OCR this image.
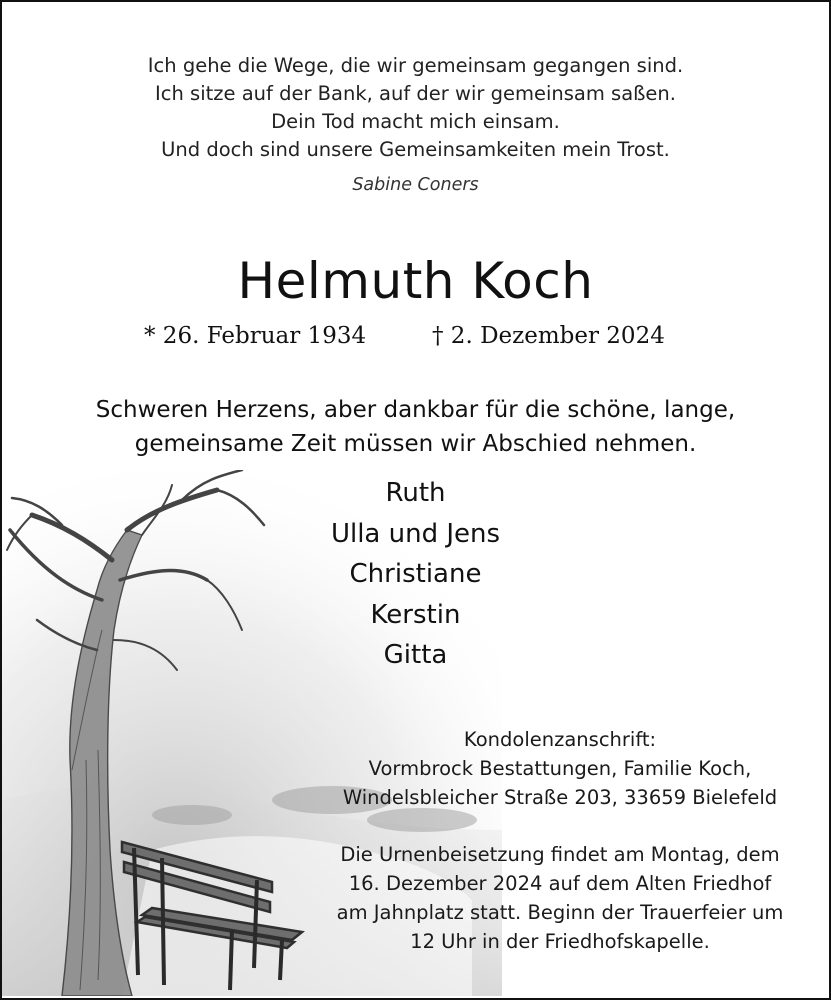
Ich gehe die Wege, die wir gemeinsam gegangen sind.
Ich sitze auf der Bank, auf der wir gemeinsam saßen.
Dein Tod macht mich einsam.
Und doch sind unsere Gemeinsamkeiten mein Trost.
Sabine Coners
Helmuth Koch
* 26. Februar 1934	† 2. Dezember 2024
Schweren Herzens, aber dankbar für die schöne, lange,
gemeinsame Zeit müssen wir Abschied nehmen.
Ruth
Ulla und Jens
Christiane
Kerstin
Gitta
Kondolenzanschrift:
Vormbrock Bestattungen, Familie Koch,
Windelsbleicher Straße 203, 33659 Bielefeld
Die Urnenbeisetzung findet am Montag, dem
16. Dezember 2024 auf dem Alten Friedhof
am Jahnplatz statt. Beginn der Trauerfeier um
12 Uhr in der Friedhofskapelle.
